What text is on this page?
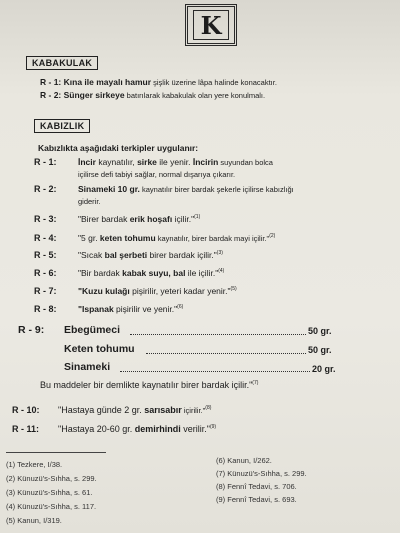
K
KABAKULAK
R - 1: Kına ile mayalı hamur şişlik üzerine lâpa halinde konacaktır.
R - 2: Sünger sirkeye batırılarak kabakulak olan yere konulmalı.
KABIZLIK
Kabızlıkta aşağıdaki terkipler uygulanır:
R - 1:	İncir kaynatılır, sirke ile yenir. İncirin suyundan bolca
içilirse defi tabiyi sağlar, normal dışarıya çıkarır.
R - 2:	Sinameki 10 gr. kaynatılır birer bardak şekerle içilirse kabızlığı
giderir.
R - 3:	"Birer bardak erik hoşafı içilir."$^{(1)}$
R - 4:	"5 gr. keten tohumu kaynatılır, birer bardak mayi içilir."$^{(2)}$
R - 5:	"Sıcak bal şerbeti birer bardak içilir."$^{(3)}$
R - 6:	"Bir bardak kabak suyu, bal ile içilir."$^{(4)}$
R - 7:	"Kuzu kulağı pişirilir, yeteri kadar yenir."$^{(5)}$
R - 8:	"Ispanak pişirilir ve yenir."$^{(6)}$
R - 9: Ebegümeci	50 gr.
Keten tohumu	50 gr.
Sinameki	20 gr.
Bu maddeler bir demlikte kaynatılır birer bardak içilir."$^{(7)}$
R - 10: "Hastaya günde 2 gr. sarısabır içirilir."$^{(8)}$
R - 11: "Hastaya 20-60 gr. demirhindi verilir."$^{(9)}$
(1) Tezkere, I/38.
(2) Künuzü's-Sıhha, s. 299.
(3) Künuzü's-Sıhha, s. 61.
(4) Künuzü's-Sıhha, s. 117.
(5) Kanun, I/319.
(6) Kanun, I/262.
(7) Künuzü's-Sıhha, s. 299.
(8) Fennî Tedavi, s. 706.
(9) Fennî Tedavi, s. 693.
